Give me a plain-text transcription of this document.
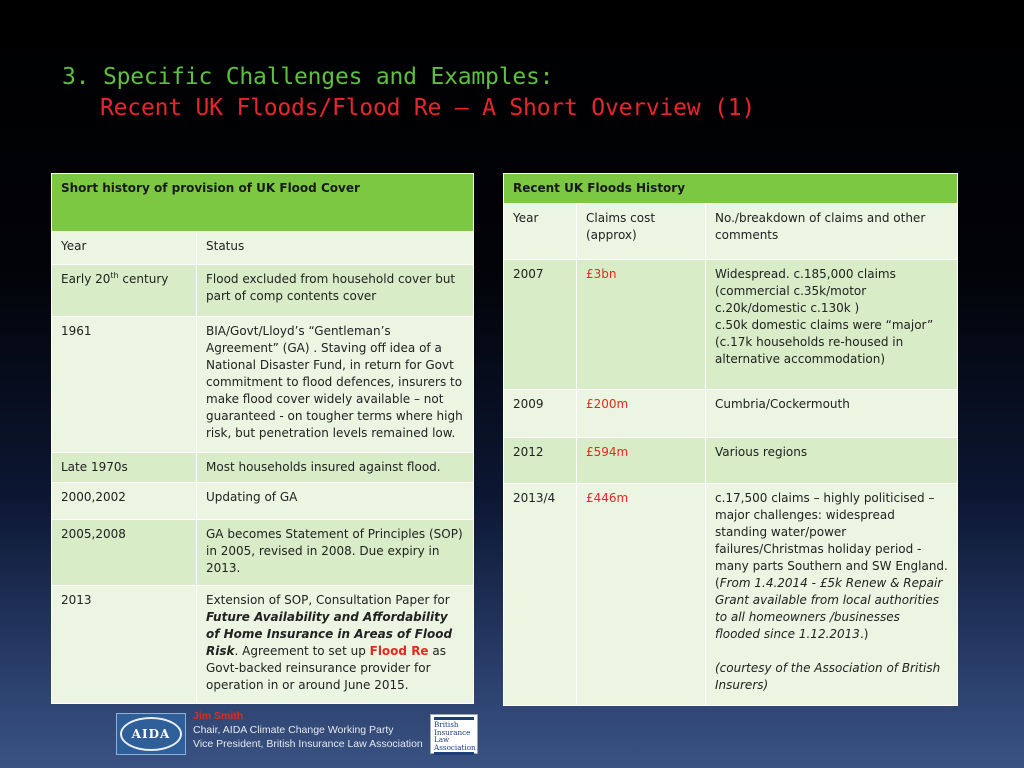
3. Specific Challenges and Examples:
Recent UK Floods/Flood Re – A Short Overview (1)
Short history of provision of UK Flood Cover	
Year	Status
Early 20th century	Flood excluded from household cover but part of comp contents cover
1961	BIA/Govt/Lloyd’s “Gentleman’s Agreement” (GA) . Staving off idea of a National Disaster Fund, in return for Govt commitment to flood defences, insurers to make flood cover widely available – not guaranteed - on tougher terms where high risk, but penetration levels remained low.
Late 1970s	Most households insured against flood.
2000,2002	Updating of GA
2005,2008	GA becomes Statement of Principles (SOP) in 2005, revised in 2008. Due expiry in 2013.
2013	Extension of SOP, Consultation Paper for Future Availability and Affordability of Home Insurance in Areas of Flood Risk. Agreement to set up Flood Re as Govt-backed reinsurance provider for operation in or around June 2015.
Recent UK Floods History		
Year	Claims cost (approx)	No./breakdown of claims and other comments
2007	£3bn	Widespread. c.185,000 claims (commercial c.35k/motor c.20k/domestic c.130k )
c.50k domestic claims were “major” (c.17k households re-housed in alternative accommodation)
2009	£200m	Cumbria/Cockermouth
2012	£594m	Various regions
2013/4	£446m	c.17,500 claims – highly politicised – major challenges: widespread standing water/power failures/Christmas holiday period - many parts Southern and SW England. (From 1.4.2014 - £5k Renew & Repair Grant available from local authorities to all homeowners /businesses flooded since 1.12.2013.)

(courtesy of the Association of British Insurers)
AIDA
Jim Smith
Chair, AIDA Climate Change Working Party
Vice President, British Insurance Law Association
British
Insurance
Law
Association
